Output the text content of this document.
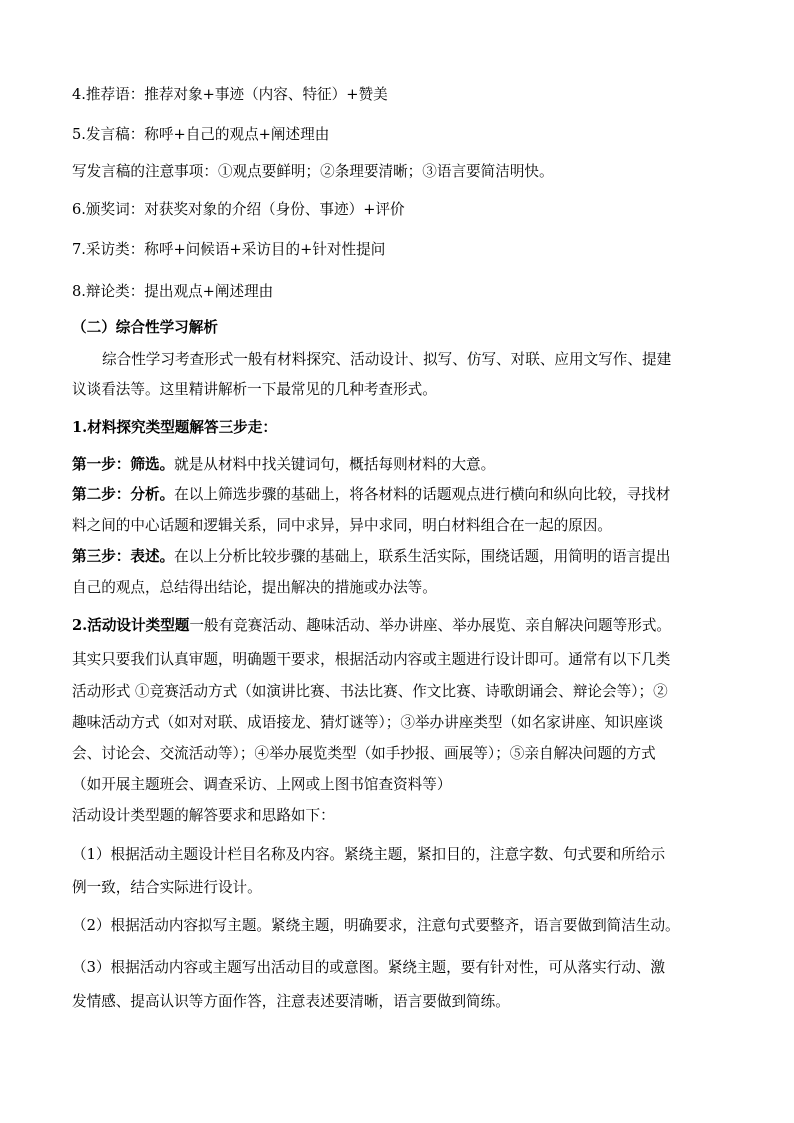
4.推荐语：推荐对象+事迹（内容、特征）+赞美
5.发言稿：称呼+自己的观点+阐述理由
写发言稿的注意事项：①观点要鲜明；②条理要清晰；③语言要简洁明快。
6.颁奖词：对获奖对象的介绍（身份、事迹）+评价
7.采访类：称呼+问候语+采访目的+针对性提问
8.辩论类：提出观点+阐述理由
（二）综合性学习解析
综合性学习考查形式一般有材料探究、活动设计、拟写、仿写、对联、应用文写作、提建
议谈看法等。这里精讲解析一下最常见的几种考查形式。
1.材料探究类型题解答三步走：
第一步：筛选。就是从材料中找关键词句，概括每则材料的大意。
第二步：分析。在以上筛选步骤的基础上，将各材料的话题观点进行横向和纵向比较，寻找材
料之间的中心话题和逻辑关系，同中求异，异中求同，明白材料组合在一起的原因。
第三步：表述。在以上分析比较步骤的基础上，联系生活实际，围绕话题，用简明的语言提出
自己的观点，总结得出结论，提出解决的措施或办法等。
2.活动设计类型题一般有竞赛活动、趣味活动、举办讲座、举办展览、亲自解决问题等形式。
其实只要我们认真审题，明确题干要求，根据活动内容或主题进行设计即可。通常有以下几类
活动形式 ①竞赛活动方式（如演讲比赛、书法比赛、作文比赛、诗歌朗诵会、辩论会等）；②
趣味活动方式（如对对联、成语接龙、猜灯谜等）；③举办讲座类型（如名家讲座、知识座谈
会、讨论会、交流活动等）；④举办展览类型（如手抄报、画展等）；⑤亲自解决问题的方式
（如开展主题班会、调查采访、上网或上图书馆查资料等）
活动设计类型题的解答要求和思路如下：
（1）根据活动主题设计栏目名称及内容。紧绕主题，紧扣目的，注意字数、句式要和所给示
例一致，结合实际进行设计。
（2）根据活动内容拟写主题。紧绕主题，明确要求，注意句式要整齐，语言要做到简洁生动。
（3）根据活动内容或主题写出活动目的或意图。紧绕主题，要有针对性，可从落实行动、激
发情感、提高认识等方面作答，注意表述要清晰，语言要做到简练。
